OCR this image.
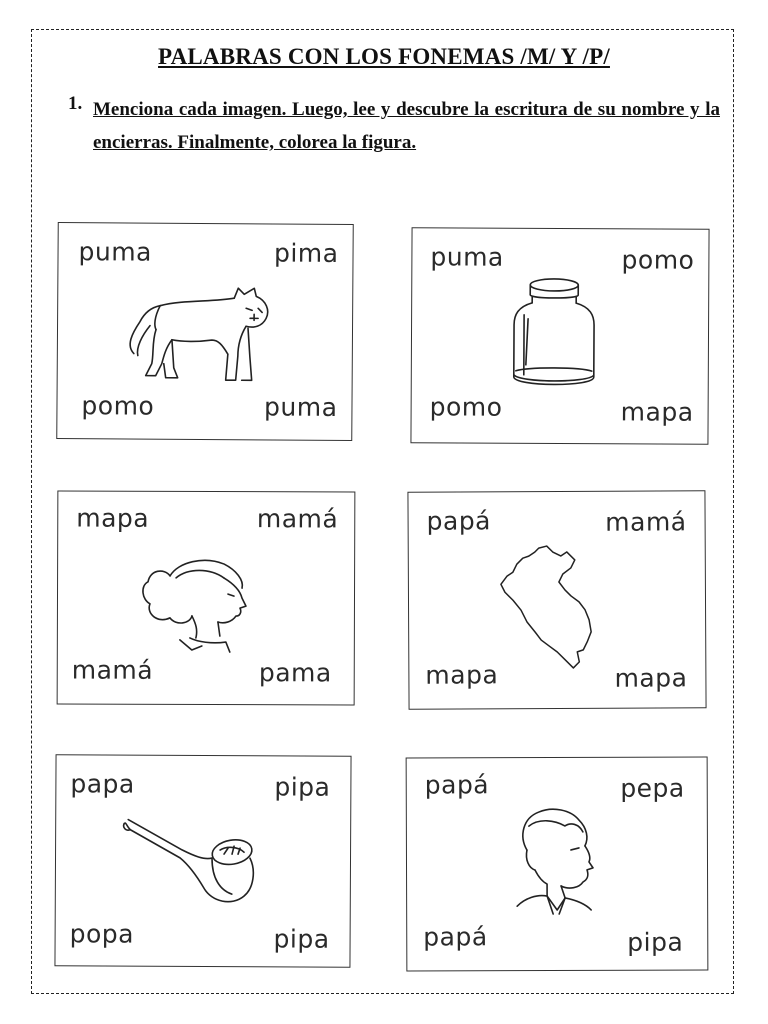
PALABRAS CON LOS FONEMAS /M/ Y /P/
1. Menciona cada imagen. Luego, lee y descubre la escritura de su nombre y la encierras. Finalmente, colorea la figura.
puma	pima
pomo	puma
puma	pomo
pomo	mapa
mapa	mamá
mamá	pama
papá	mamá
mapa	mapa
papa	pipa
popa	pipa
papá	pepa
papá	pipa
